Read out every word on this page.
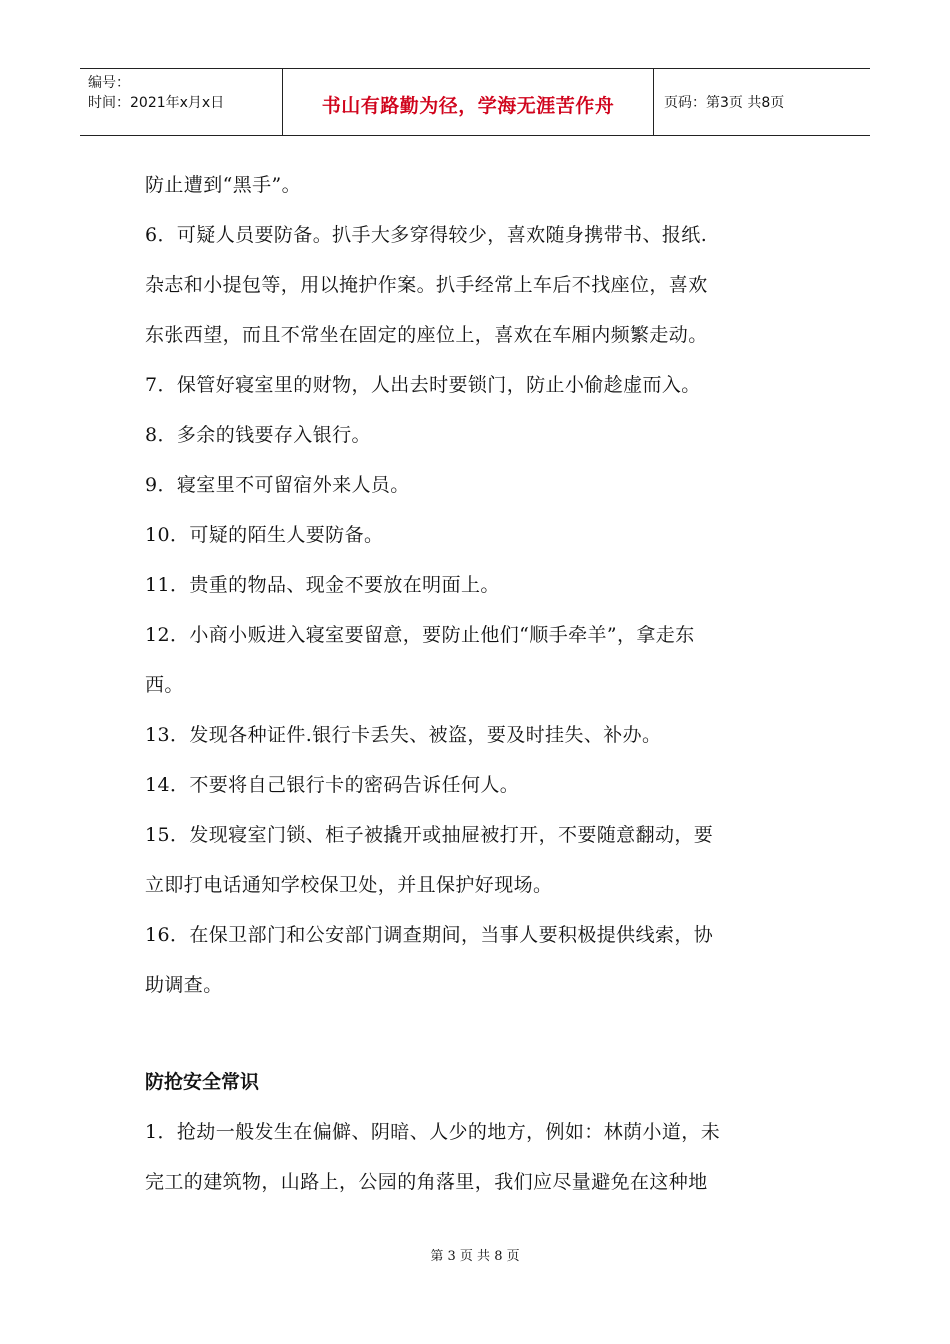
编号：
时间：2021年x月x日	书山有路勤为径，学海无涯苦作舟	页码：第3页 共8页
防止遭到“黑手”。
6．可疑人员要防备。扒手大多穿得较少，喜欢随身携带书、报纸.
杂志和小提包等，用以掩护作案。扒手经常上车后不找座位，喜欢
东张西望，而且不常坐在固定的座位上，喜欢在车厢内频繁走动。
7．保管好寝室里的财物，人出去时要锁门，防止小偷趁虚而入。
8．多余的钱要存入银行。
9．寝室里不可留宿外来人员。
10．可疑的陌生人要防备。
11．贵重的物品、现金不要放在明面上。
12．小商小贩进入寝室要留意，要防止他们“顺手牵羊”，拿走东
西。
13．发现各种证件.银行卡丢失、被盗，要及时挂失、补办。
14．不要将自己银行卡的密码告诉任何人。
15．发现寝室门锁、柜子被撬开或抽屉被打开，不要随意翻动，要
立即打电话通知学校保卫处，并且保护好现场。
16．在保卫部门和公安部门调查期间，当事人要积极提供线索，协
助调查。
防抢安全常识
1．抢劫一般发生在偏僻、阴暗、人少的地方，例如：林荫小道，未
完工的建筑物，山路上，公园的角落里，我们应尽量避免在这种地
第 3 页 共 8 页
